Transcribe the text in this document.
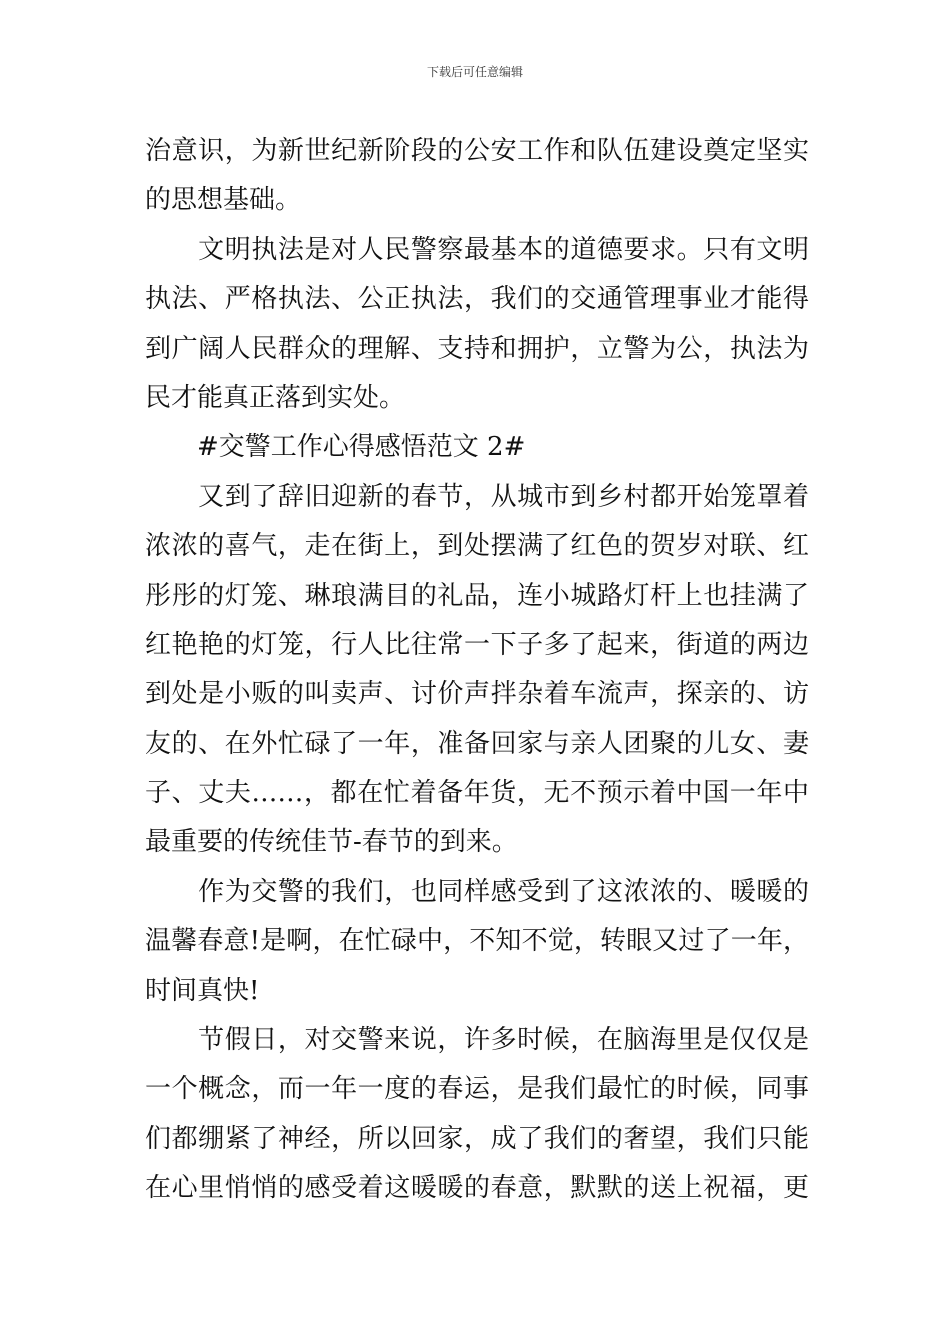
下载后可任意编辑
治意识，为新世纪新阶段的公安工作和队伍建设奠定坚实
的思想基础。
　　文明执法是对人民警察最基本的道德要求。只有文明
执法、严格执法、公正执法，我们的交通管理事业才能得
到广阔人民群众的理解、支持和拥护，立警为公，执法为
民才能真正落到实处。
　　#交警工作心得感悟范文 2#
　　又到了辞旧迎新的春节，从城市到乡村都开始笼罩着
浓浓的喜气，走在街上，到处摆满了红色的贺岁对联、红
彤彤的灯笼、琳琅满目的礼品，连小城路灯杆上也挂满了
红艳艳的灯笼，行人比往常一下子多了起来，街道的两边
到处是小贩的叫卖声、讨价声拌杂着车流声，探亲的、访
友的、在外忙碌了一年，准备回家与亲人团聚的儿女、妻
子、丈夫……，都在忙着备年货，无不预示着中国一年中
最重要的传统佳节-春节的到来。
　　作为交警的我们，也同样感受到了这浓浓的、暖暖的
温馨春意!是啊，在忙碌中，不知不觉，转眼又过了一年，
时间真快!
　　节假日，对交警来说，许多时候，在脑海里是仅仅是
一个概念，而一年一度的春运，是我们最忙的时候，同事
们都绷紧了神经，所以回家，成了我们的奢望，我们只能
在心里悄悄的感受着这暖暖的春意，默默的送上祝福，更
